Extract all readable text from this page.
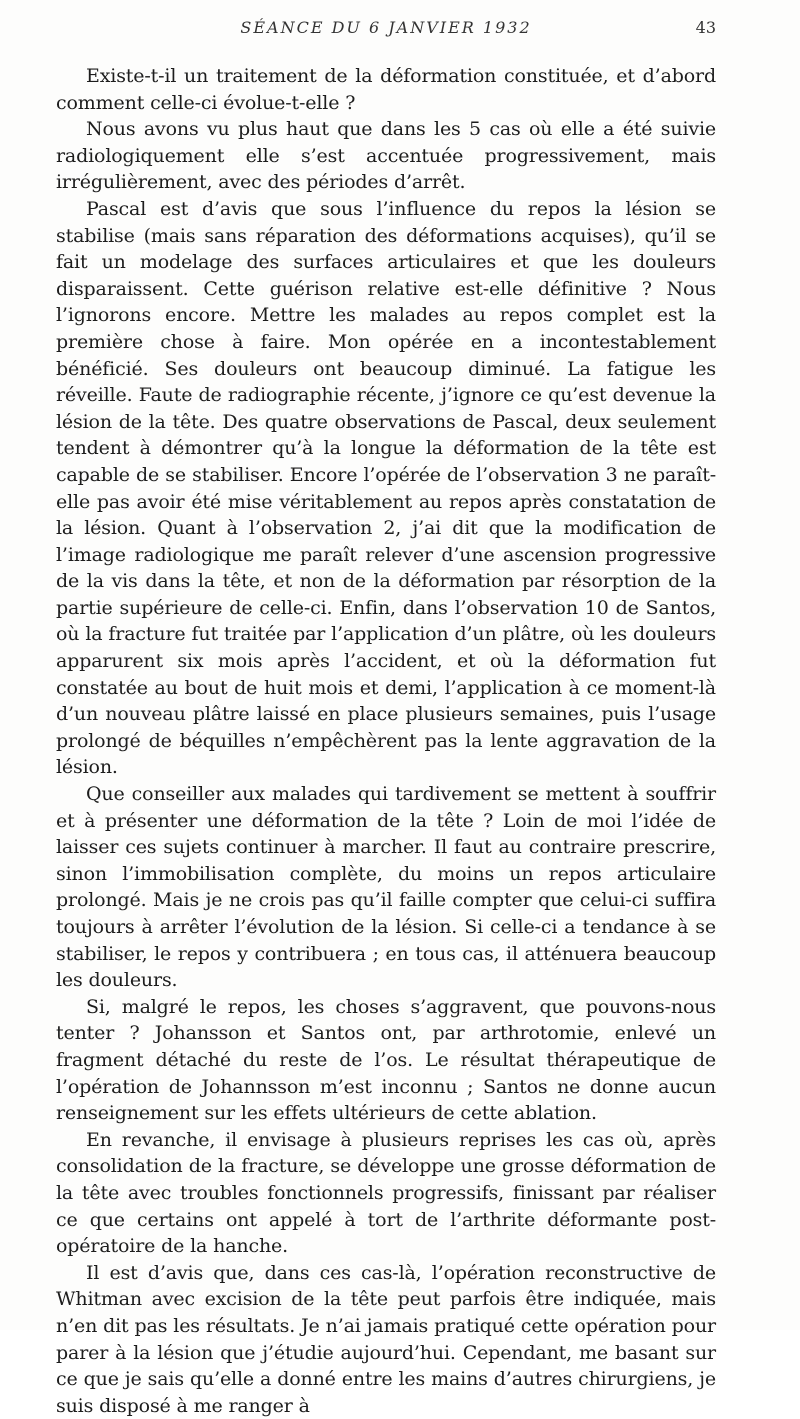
SÉANCE DU 6 JANVIER 1932	43

Existe-t-il un traitement de la déformation constituée, et d’abord comment celle-ci évolue-t-elle ?

Nous avons vu plus haut que dans les 5 cas où elle a été suivie radiologiquement elle s’est accentuée progressivement, mais irrégulièrement, avec des périodes d’arrêt.

Pascal est d’avis que sous l’influence du repos la lésion se stabilise (mais sans réparation des déformations acquises), qu’il se fait un modelage des surfaces articulaires et que les douleurs disparaissent. Cette guérison relative est-elle définitive ? Nous l’ignorons encore. Mettre les malades au repos complet est la première chose à faire. Mon opérée en a incontestablement bénéficié. Ses douleurs ont beaucoup diminué. La fatigue les réveille. Faute de radiographie récente, j’ignore ce qu’est devenue la lésion de la tête. Des quatre observations de Pascal, deux seulement tendent à démontrer qu’à la longue la déformation de la tête est capable de se stabiliser. Encore l’opérée de l’observation 3 ne paraît-elle pas avoir été mise véritablement au repos après constatation de la lésion. Quant à l’observation 2, j’ai dit que la modification de l’image radiologique me paraît relever d’une ascension progressive de la vis dans la tête, et non de la déformation par résorption de la partie supérieure de celle-ci. Enfin, dans l’observation 10 de Santos, où la fracture fut traitée par l’application d’un plâtre, où les douleurs apparurent six mois après l’accident, et où la déformation fut constatée au bout de huit mois et demi, l’application à ce moment-là d’un nouveau plâtre laissé en place plusieurs semaines, puis l’usage prolongé de béquilles n’empêchèrent pas la lente aggravation de la lésion.

Que conseiller aux malades qui tardivement se mettent à souffrir et à présenter une déformation de la tête ? Loin de moi l’idée de laisser ces sujets continuer à marcher. Il faut au contraire prescrire, sinon l’immobilisation complète, du moins un repos articulaire prolongé. Mais je ne crois pas qu’il faille compter que celui-ci suffira toujours à arrêter l’évolution de la lésion. Si celle-ci a tendance à se stabiliser, le repos y contribuera ; en tous cas, il atténuera beaucoup les douleurs.

Si, malgré le repos, les choses s’aggravent, que pouvons-nous tenter ? Johansson et Santos ont, par arthrotomie, enlevé un fragment détaché du reste de l’os. Le résultat thérapeutique de l’opération de Johannsson m’est inconnu ; Santos ne donne aucun renseignement sur les effets ultérieurs de cette ablation.

En revanche, il envisage à plusieurs reprises les cas où, après consolidation de la fracture, se développe une grosse déformation de la tête avec troubles fonctionnels progressifs, finissant par réaliser ce que certains ont appelé à tort de l’arthrite déformante post-opératoire de la hanche.

Il est d’avis que, dans ces cas-là, l’opération reconstructive de Whitman avec excision de la tête peut parfois être indiquée, mais n’en dit pas les résultats. Je n’ai jamais pratiqué cette opération pour parer à la lésion que j’étudie aujourd’hui. Cependant, me basant sur ce que je sais qu’elle a donné entre les mains d’autres chirurgiens, je suis disposé à me ranger à
